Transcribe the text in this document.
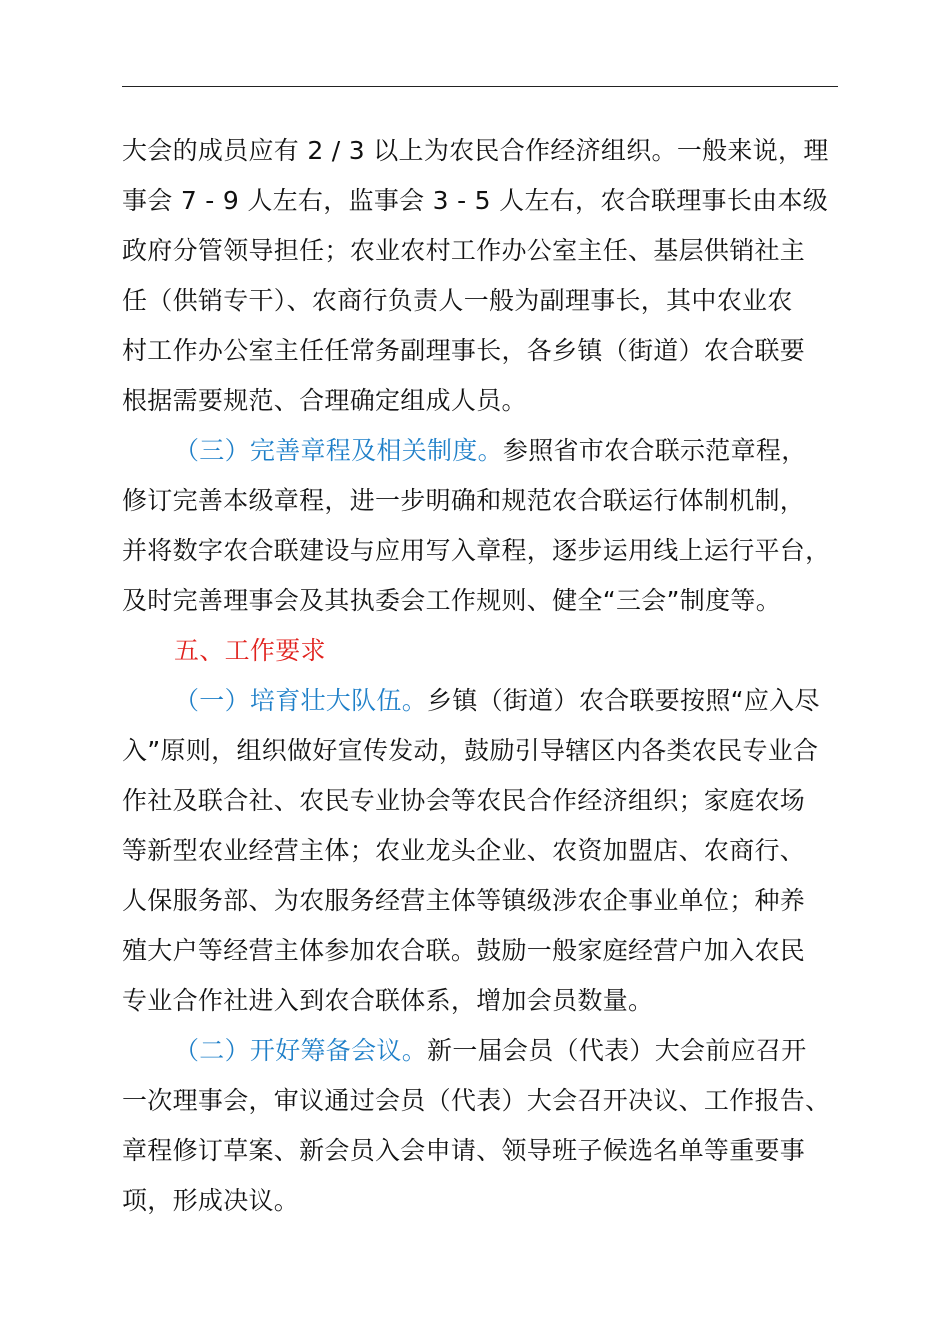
大会的成员应有 2 / 3 以上为农民合作经济组织。一般来说，理
事会 7 - 9 人左右，监事会 3 - 5 人左右，农合联理事长由本级
政府分管领导担任；农业农村工作办公室主任、基层供销社主
任（供销专干）、农商行负责人一般为副理事长，其中农业农
村工作办公室主任任常务副理事长，各乡镇（街道）农合联要
根据需要规范、合理确定组成人员。
（三）完善章程及相关制度。参照省市农合联示范章程，
修订完善本级章程，进一步明确和规范农合联运行体制机制，
并将数字农合联建设与应用写入章程，逐步运用线上运行平台，
及时完善理事会及其执委会工作规则、健全“三会”制度等。
五、工作要求
（一）培育壮大队伍。乡镇（街道）农合联要按照“应入尽
入”原则，组织做好宣传发动，鼓励引导辖区内各类农民专业合
作社及联合社、农民专业协会等农民合作经济组织；家庭农场
等新型农业经营主体；农业龙头企业、农资加盟店、农商行、
人保服务部、为农服务经营主体等镇级涉农企事业单位；种养
殖大户等经营主体参加农合联。鼓励一般家庭经营户加入农民
专业合作社进入到农合联体系，增加会员数量。
（二）开好筹备会议。新一届会员（代表）大会前应召开
一次理事会，审议通过会员（代表）大会召开决议、工作报告、
章程修订草案、新会员入会申请、领导班子候选名单等重要事
项，形成决议。
